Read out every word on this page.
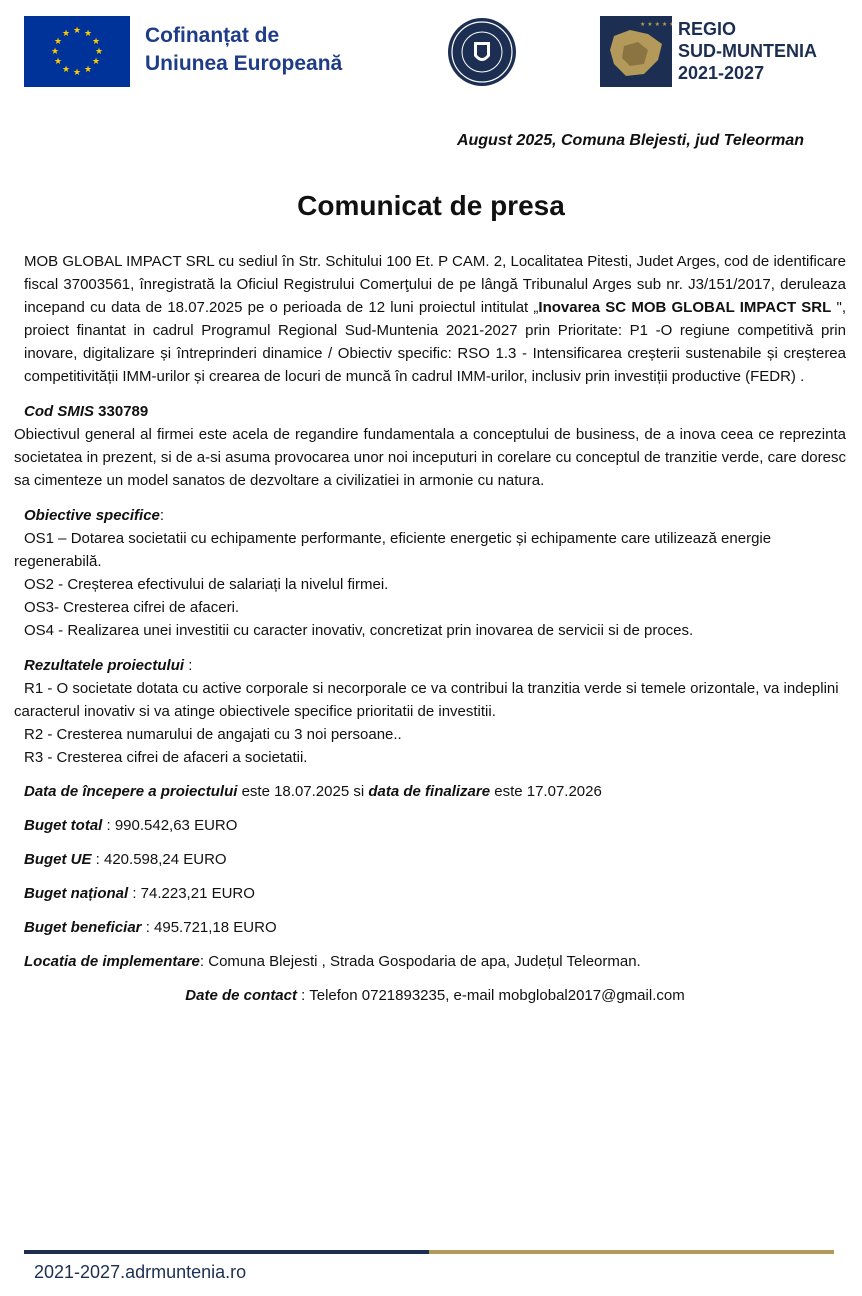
★ ★
★
★
★
★
★
★
★
★
★
★	Cofinanțat de
Uniunea Europeană
★ ★ ★ ★ ★ REGIO
SUD-MUNTENIA
2021-2027
August 2025, Comuna Blejesti, jud Teleorman
Comunicat de presa

MOB GLOBAL IMPACT SRL cu sediul în Str. Schitului 100 Et. P CAM. 2, Localitatea Pitesti, Judet Arges, cod de identificare fiscal 37003561, înregistrată la Oficiul Registrului Comerţului de pe lângă Tribunalul Arges sub nr. J3/151/2017, deruleaza incepand cu data de 18.07.2025 pe o perioada de 12 luni proiectul intitulat „Inovarea SC MOB GLOBAL IMPACT SRL ", proiect finantat in cadrul Programul Regional Sud-Muntenia 2021-2027 prin Prioritate: P1 -O regiune competitivă prin inovare, digitalizare și întreprinderi dinamice / Obiectiv specific: RSO 1.3 - Intensificarea creșterii sustenabile și creșterea competitivității IMM-urilor și crearea de locuri de muncă în cadrul IMM-urilor, inclusiv prin investiții productive (FEDR) .

Cod SMIS 330789

Obiectivul general al firmei este acela de regandire fundamentala a conceptului de business, de a inova ceea ce reprezinta societatea in prezent, si de a-si asuma provocarea unor noi inceputuri in corelare cu conceptul de tranzitie verde, care doresc sa cimenteze un model sanatos de dezvoltare a civilizatiei in armonie cu natura.

Obiective specifice:

OS1 – Dotarea societatii cu echipamente performante, eficiente energetic și echipamente care utilizează energie regenerabilă.

OS2 - Creșterea efectivului de salariați la nivelul firmei.

OS3- Cresterea cifrei de afaceri.

OS4 - Realizarea unei investitii cu caracter inovativ, concretizat prin inovarea de servicii si de proces.

Rezultatele proiectului :

R1 - O societate dotata cu active corporale si necorporale ce va contribui la tranzitia verde si temele orizontale, va indeplini caracterul inovativ si va atinge obiectivele specifice prioritatii de investitii.

R2 - Cresterea numarului de angajati cu 3 noi persoane..

R3 - Cresterea cifrei de afaceri a societatii.

Data de începere a proiectului este 18.07.2025 si data de finalizare este 17.07.2026

Buget total : 990.542,63 EURO

Buget UE : 420.598,24 EURO

Buget național : 74.223,21 EURO

Buget beneficiar : 495.721,18 EURO

Locatia de implementare: Comuna Blejesti , Strada Gospodaria de apa, Județul Teleorman.

Date de contact : Telefon 0721893235, e-mail mobglobal2017@gmail.com

2021-2027.adrmuntenia.ro
